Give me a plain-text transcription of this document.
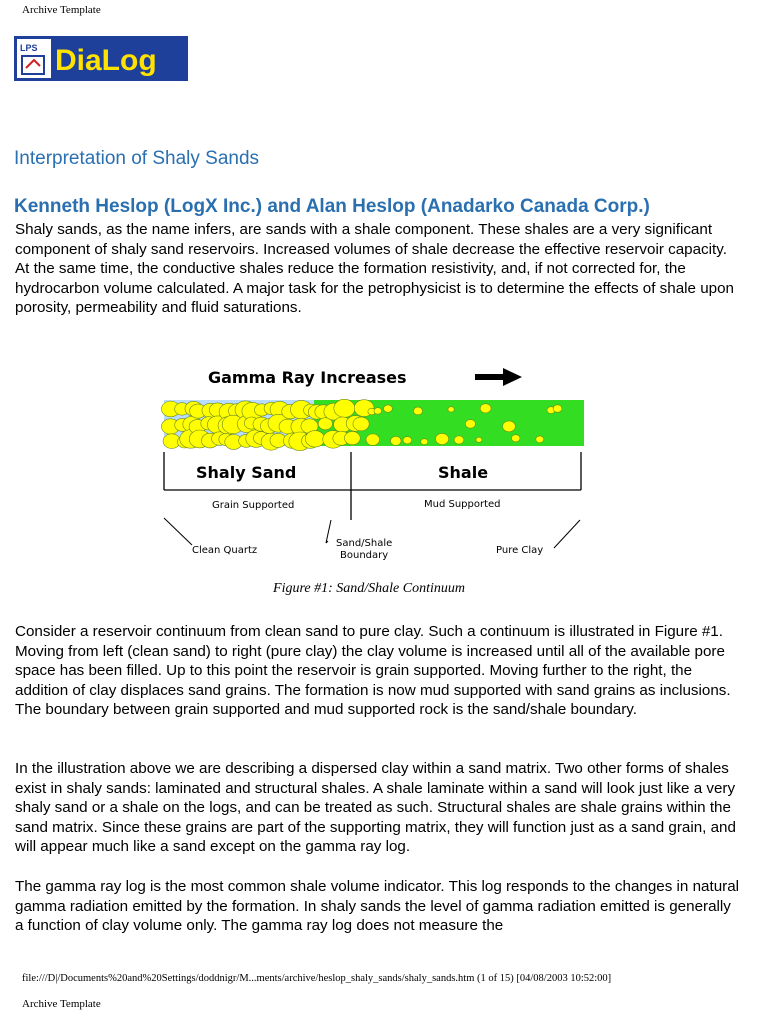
Archive Template
LPS DiaLog
Interpretation of Shaly Sands
Kenneth Heslop (LogX Inc.) and Alan Heslop (Anadarko Canada Corp.)

Shaly sands, as the name infers, are sands with a shale component. These shales are a very significant component of shaly sand reservoirs. Increased volumes of shale decrease the effective reservoir capacity. At the same time, the conductive shales reduce the formation resistivity, and, if not corrected for, the hydrocarbon volume calculated. A major task for the petrophysicist is to determine the effects of shale upon porosity, permeability and fluid saturations.

Gamma Ray Increases
Shaly Sand	Shale
Grain Supported	Mud Supported
Clean Quartz
Sand/Shale
Boundary	Pure Clay

Figure #1: Sand/Shale Continuum

Consider a reservoir continuum from clean sand to pure clay. Such a continuum is illustrated in Figure #1. Moving from left (clean sand) to right (pure clay) the clay volume is increased until all of the available pore space has been filled. Up to this point the reservoir is grain supported. Moving further to the right, the addition of clay displaces sand grains. The formation is now mud supported with sand grains as inclusions. The boundary between grain supported and mud supported rock is the sand/shale boundary.

In the illustration above we are describing a dispersed clay within a sand matrix. Two other forms of shales exist in shaly sands: laminated and structural shales. A shale laminate within a sand will look just like a very shaly sand or a shale on the logs, and can be treated as such. Structural shales are shale grains within the sand matrix. Since these grains are part of the supporting matrix, they will function just as a sand grain, and will appear much like a sand except on the gamma ray log.

The gamma ray log is the most common shale volume indicator. This log responds to the changes in natural gamma radiation emitted by the formation. In shaly sands the level of gamma radiation emitted is generally a function of clay volume only. The gamma ray log does not measure the

file:///D|/Documents%20and%20Settings/doddnigr/M...ments/archive/heslop_shaly_sands/shaly_sands.htm (1 of 15) [04/08/2003 10:52:00]
Archive Template
